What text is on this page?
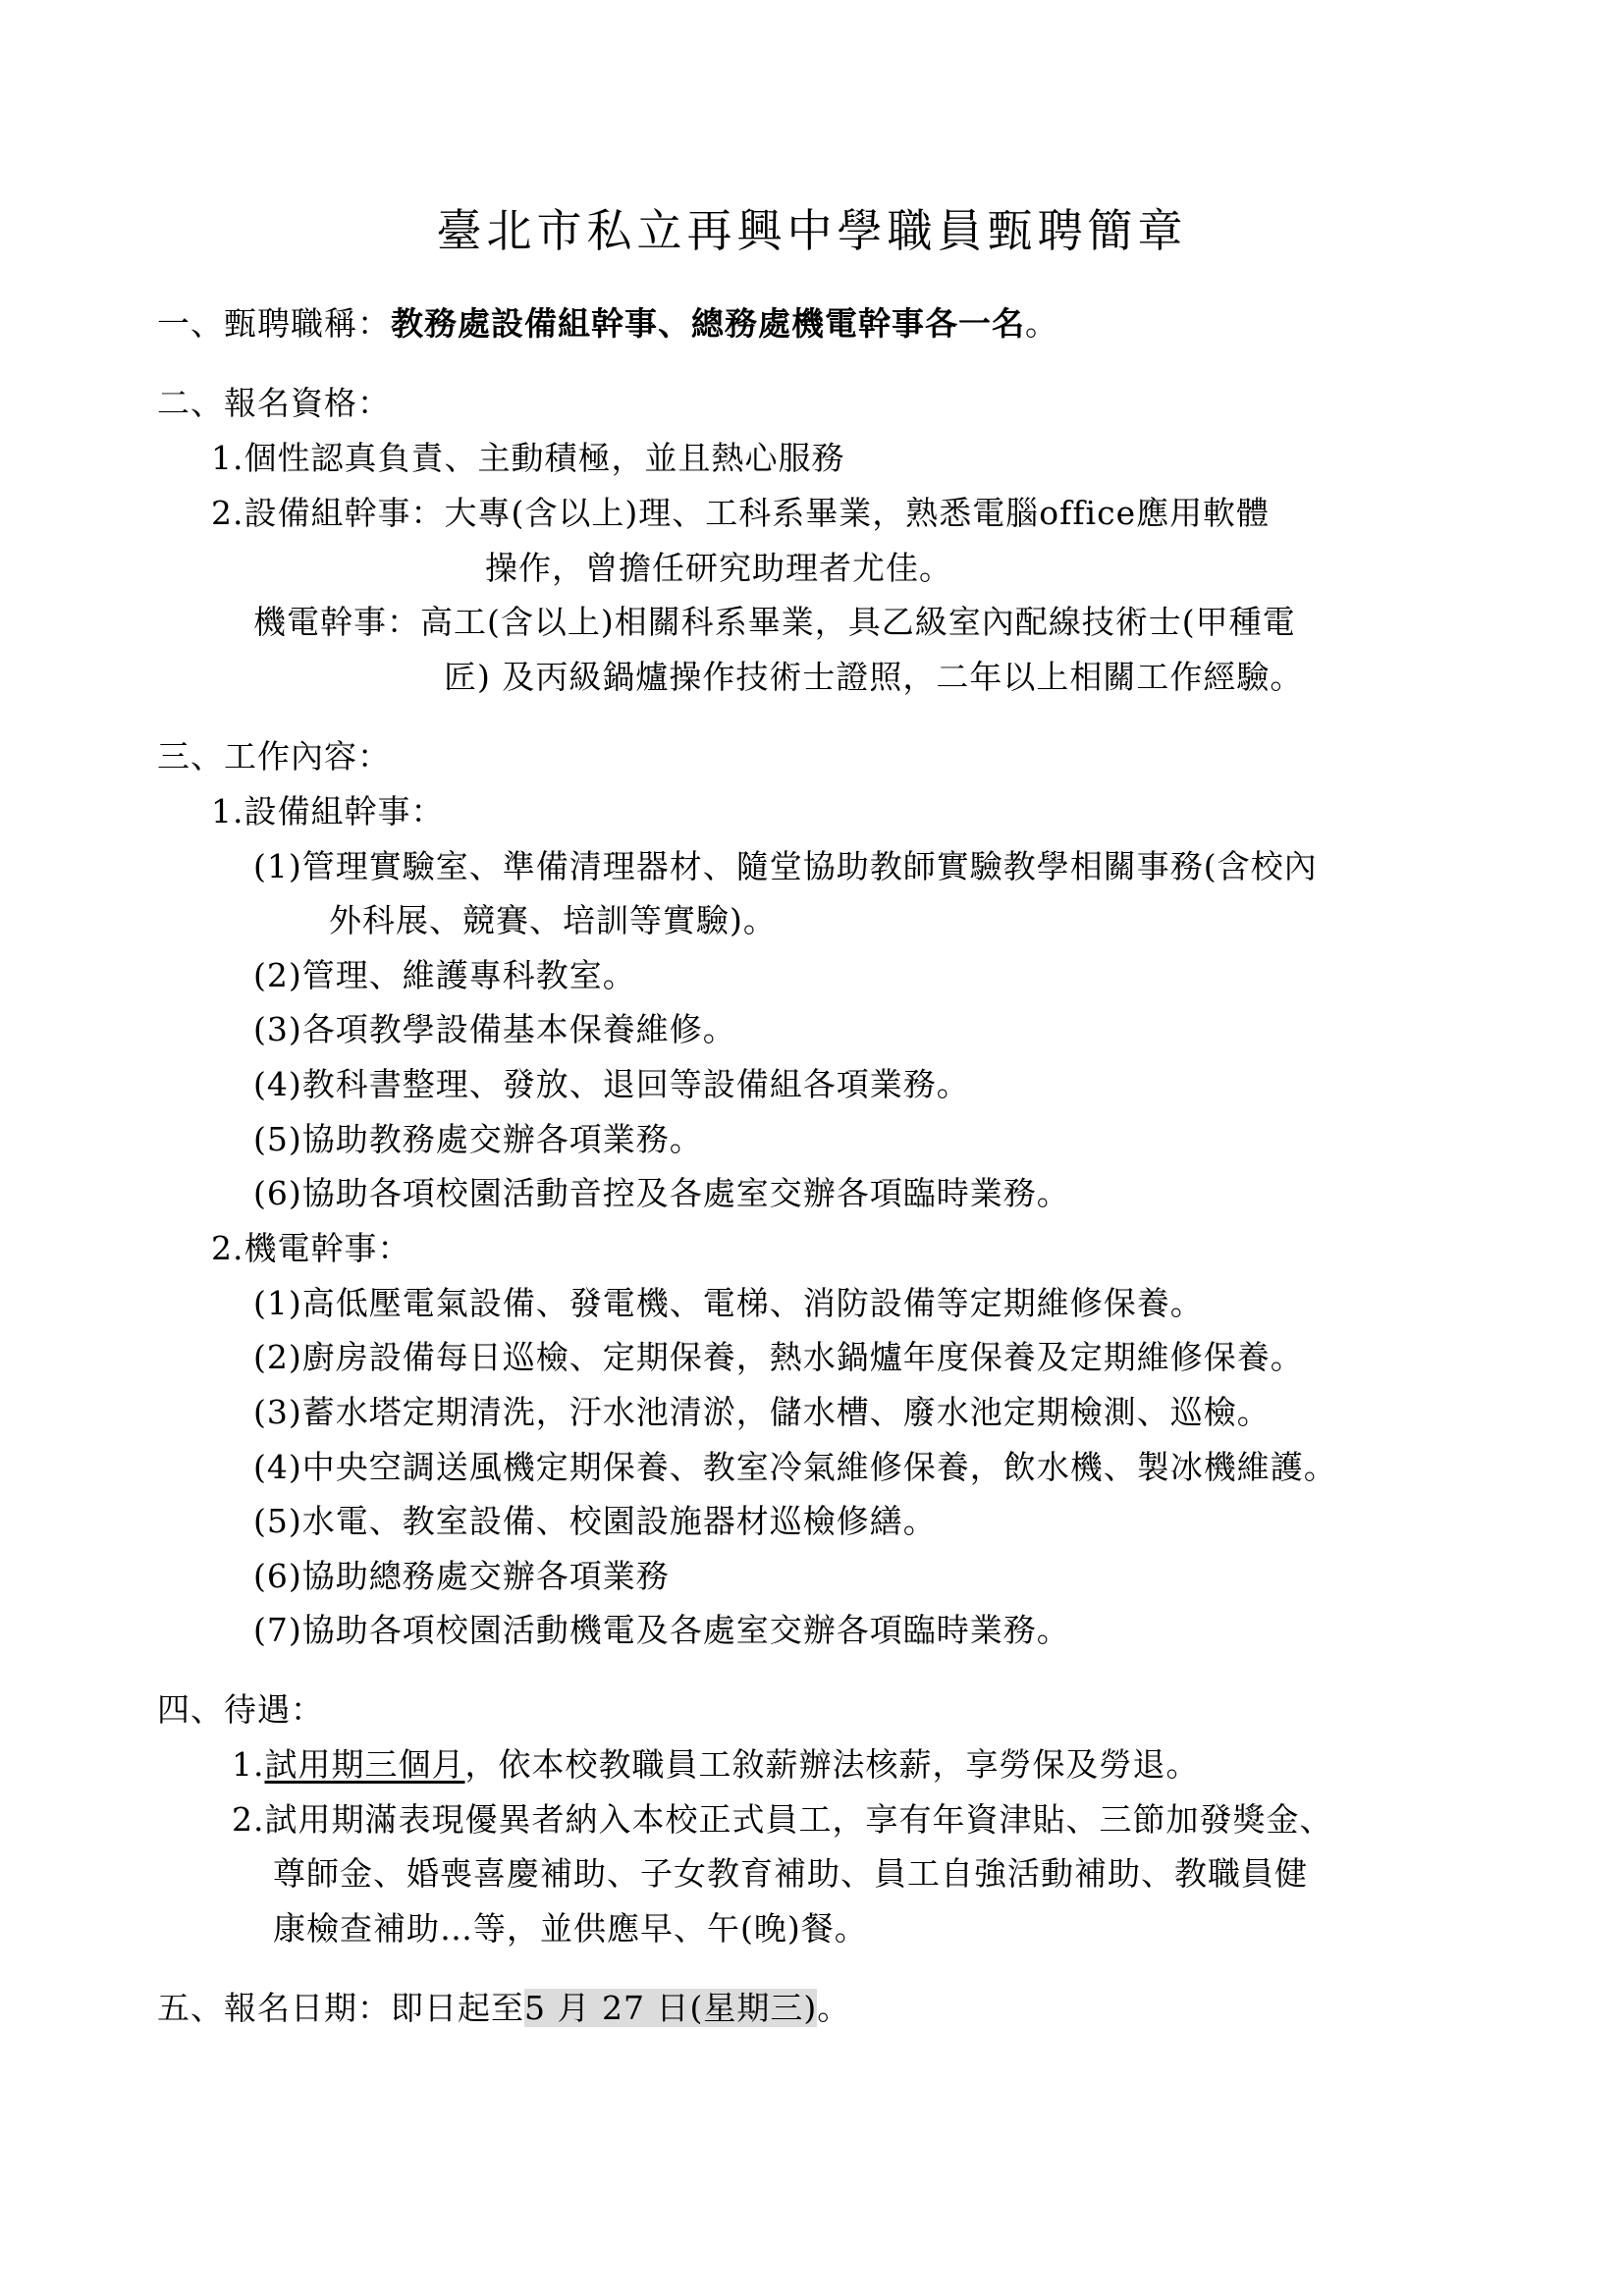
臺北市私立再興中學職員甄聘簡章
一、甄聘職稱：教務處設備組幹事、總務處機電幹事各一名。
二、報名資格：
1.個性認真負責、主動積極，並且熱心服務
2.設備組幹事：大專(含以上)理、工科系畢業，熟悉電腦office應用軟體
操作，曾擔任研究助理者尤佳。
機電幹事：高工(含以上)相關科系畢業，具乙級室內配線技術士(甲種電
匠) 及丙級鍋爐操作技術士證照，二年以上相關工作經驗。
三、工作內容：
1.設備組幹事：
(1)管理實驗室、準備清理器材、隨堂協助教師實驗教學相關事務(含校內
外科展、競賽、培訓等實驗)。
(2)管理、維護專科教室。
(3)各項教學設備基本保養維修。
(4)教科書整理、發放、退回等設備組各項業務。
(5)協助教務處交辦各項業務。
(6)協助各項校園活動音控及各處室交辦各項臨時業務。
2.機電幹事：
(1)高低壓電氣設備、發電機、電梯、消防設備等定期維修保養。
(2)廚房設備每日巡檢、定期保養，熱水鍋爐年度保養及定期維修保養。
(3)蓄水塔定期清洗，汙水池清淤，儲水槽、廢水池定期檢測、巡檢。
(4)中央空調送風機定期保養、教室冷氣維修保養，飲水機、製冰機維護。
(5)水電、教室設備、校園設施器材巡檢修繕。
(6)協助總務處交辦各項業務
(7)協助各項校園活動機電及各處室交辦各項臨時業務。
四、待遇：
1.試用期三個月，依本校教職員工敘薪辦法核薪，享勞保及勞退。
2.試用期滿表現優異者納入本校正式員工，享有年資津貼、三節加發獎金、
尊師金、婚喪喜慶補助、子女教育補助、員工自強活動補助、教職員健
康檢查補助…等，並供應早、午(晚)餐。
五、報名日期：即日起至5 月 27 日(星期三)。
